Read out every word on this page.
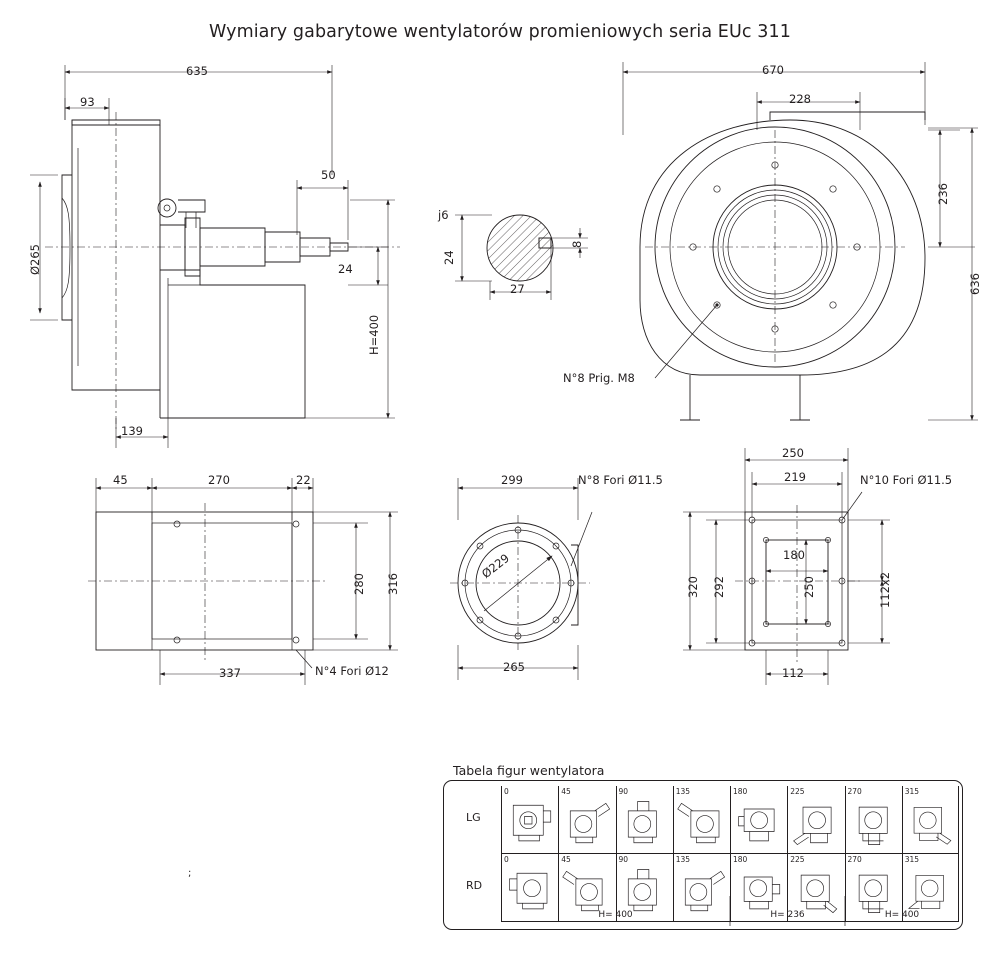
Wymiary gabarytowe wentylatorów promieniowych seria EUc 311
635
93
50
Ø265	24
H=400
139
j6
24
8
27
670
228
236
636
N°8 Prig. M8
45	270	22
280 316
337	N°4 Fori Ø12
299
Ø229
265
N°8 Fori Ø11.5
250
219
180
320 292	250	112x2
112
N°10 Fori Ø11.5
;
Tabela figur wentylatora
LG
RD
0	45	90	135	180	225	270	315
0	45	90	135	180	225	270	315
H= 400	H= 236	H= 400
